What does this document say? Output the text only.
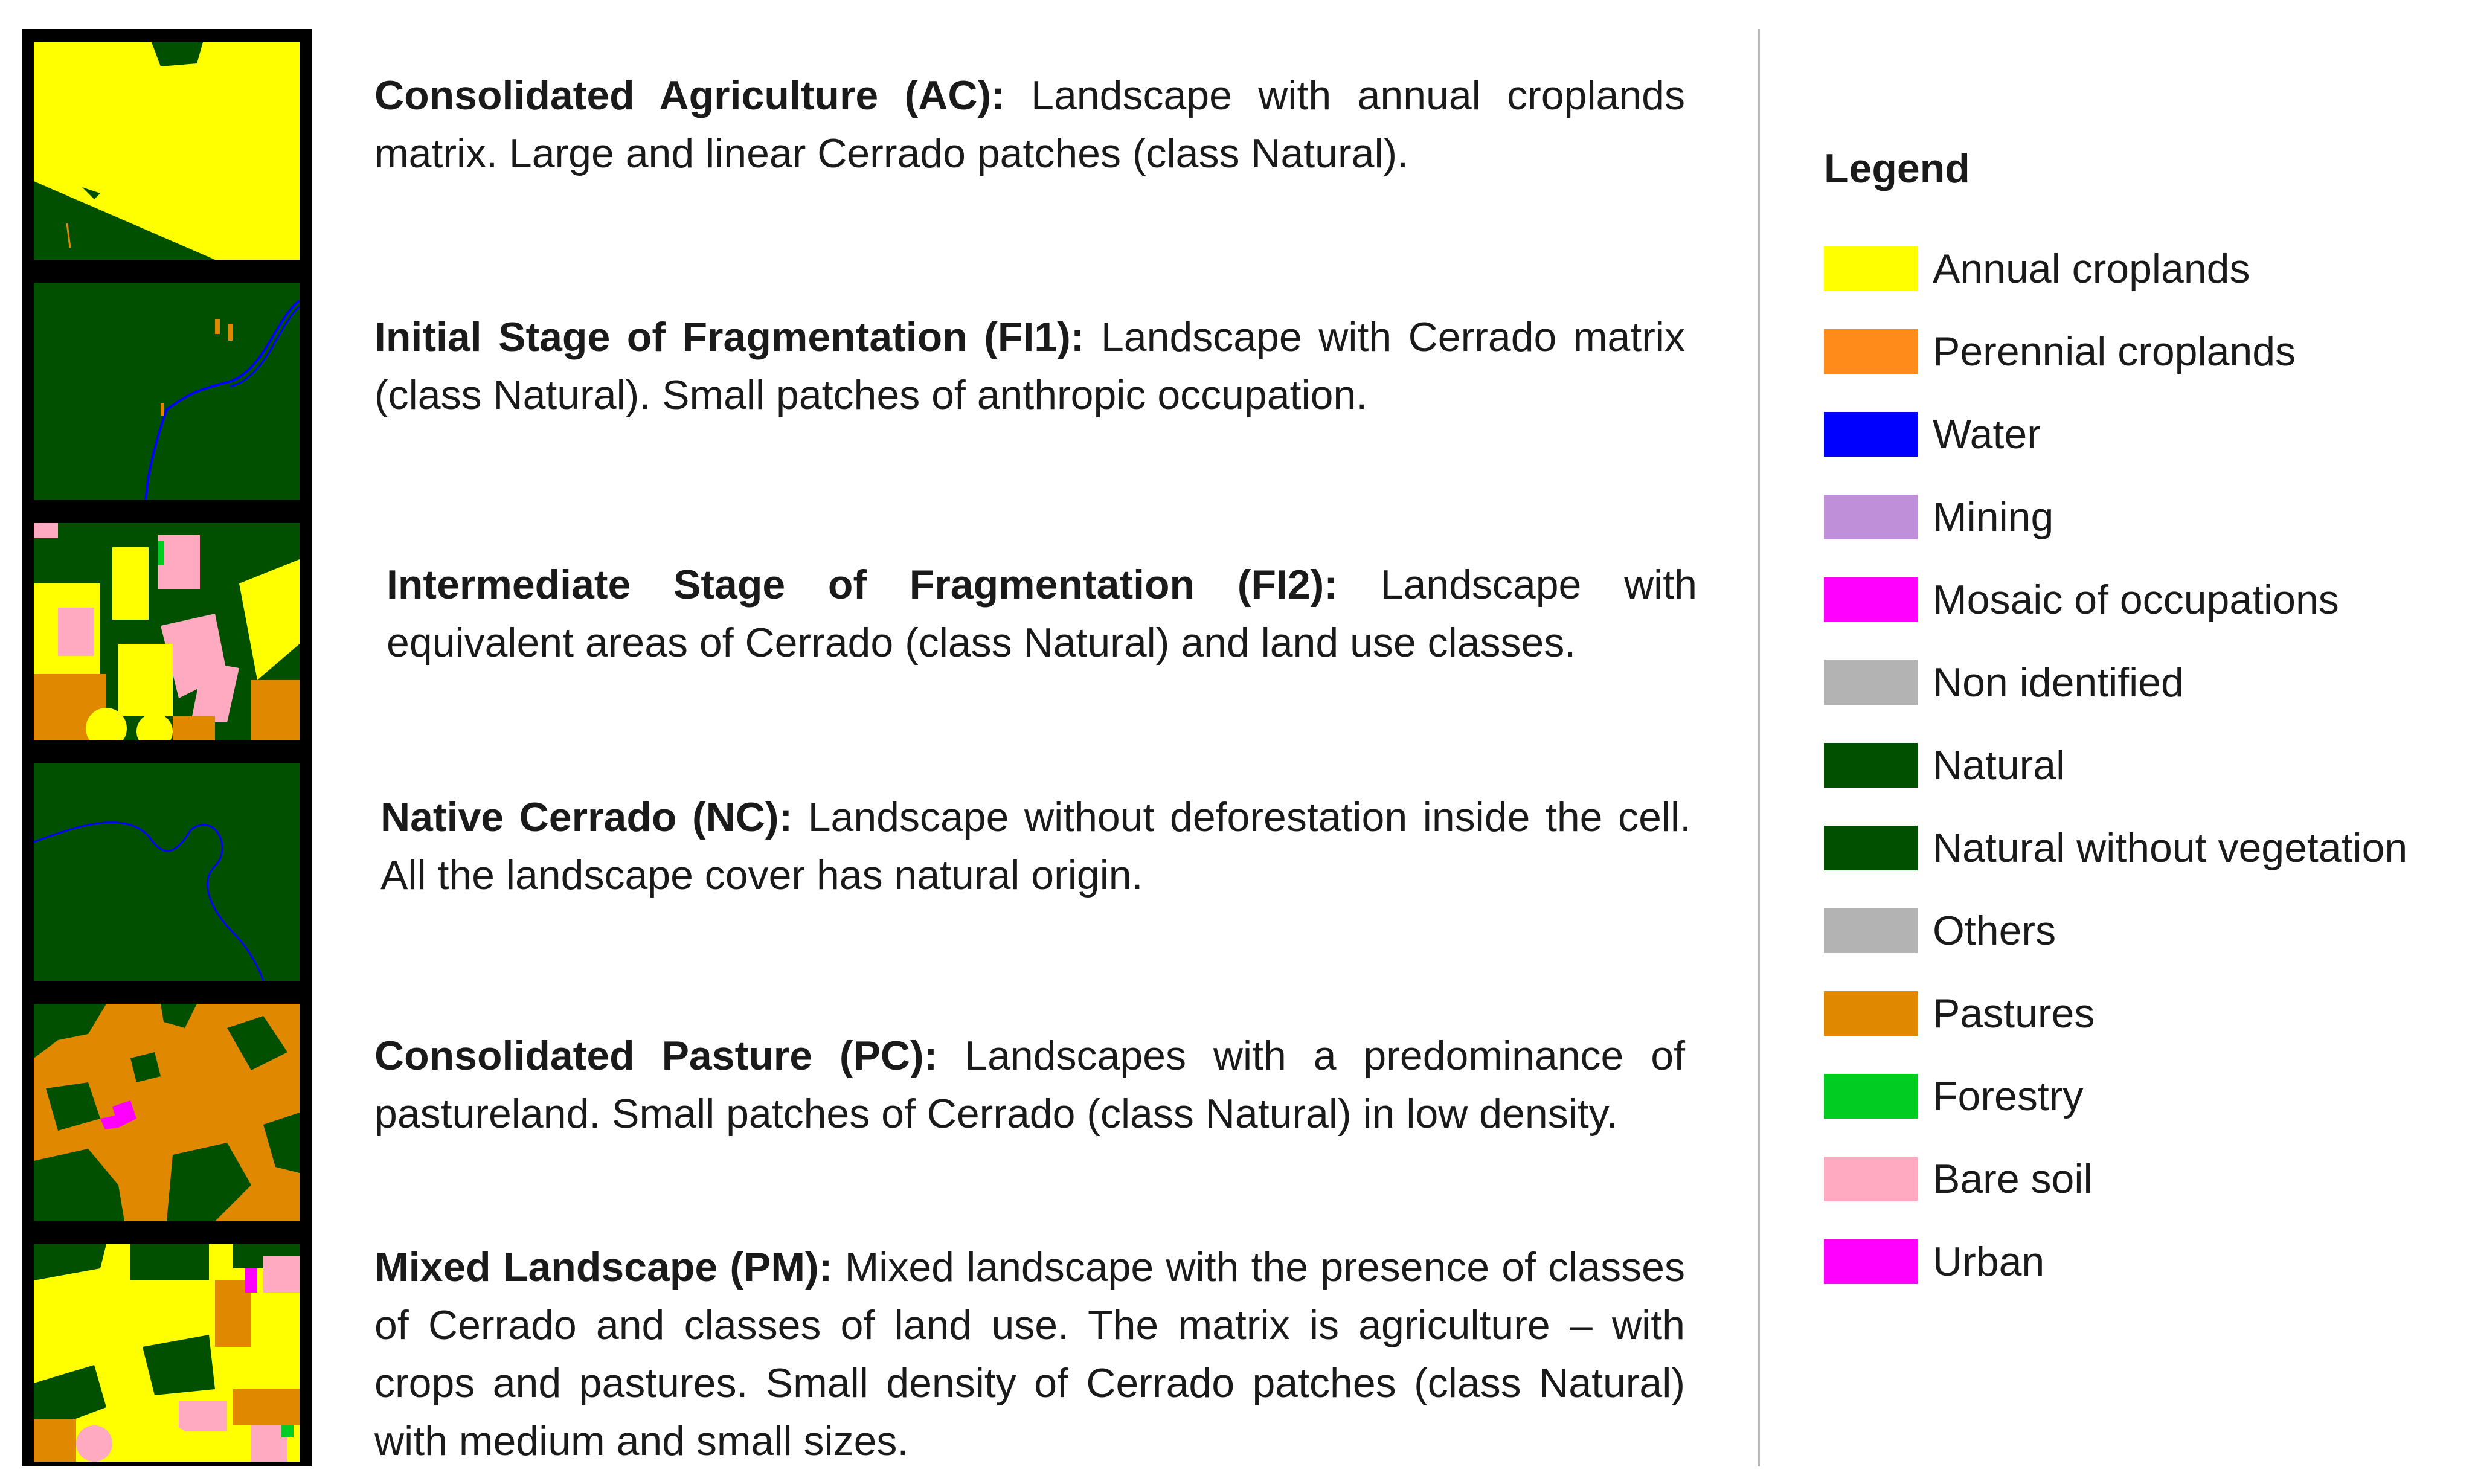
Consolidated Agriculture (AC): Landscape with annual croplands matrix. Large and linear Cerrado patches (class Natural).
Initial Stage of Fragmentation (FI1): Landscape with Cerrado matrix (class Natural). Small patches of anthropic occupation.
Intermediate Stage of Fragmentation (FI2): Landscape with equivalent areas of Cerrado (class Natural) and land use classes.
Native Cerrado (NC): Landscape without deforestation inside the cell. All the landscape cover has natural origin.
Consolidated Pasture (PC): Landscapes with a predominance of pastureland. Small patches of Cerrado (class Natural) in low density.
Mixed Landscape (PM): Mixed landscape with the presence of classes of Cerrado and classes of land use. The matrix is agriculture – with crops and pastures. Small density of Cerrado patches (class Natural) with medium and small sizes.
Legend
Annual croplands
Perennial croplands
Water
Mining
Mosaic of occupations
Non identified
Natural
Natural without vegetation
Others
Pastures
Forestry
Bare soil
Urban
